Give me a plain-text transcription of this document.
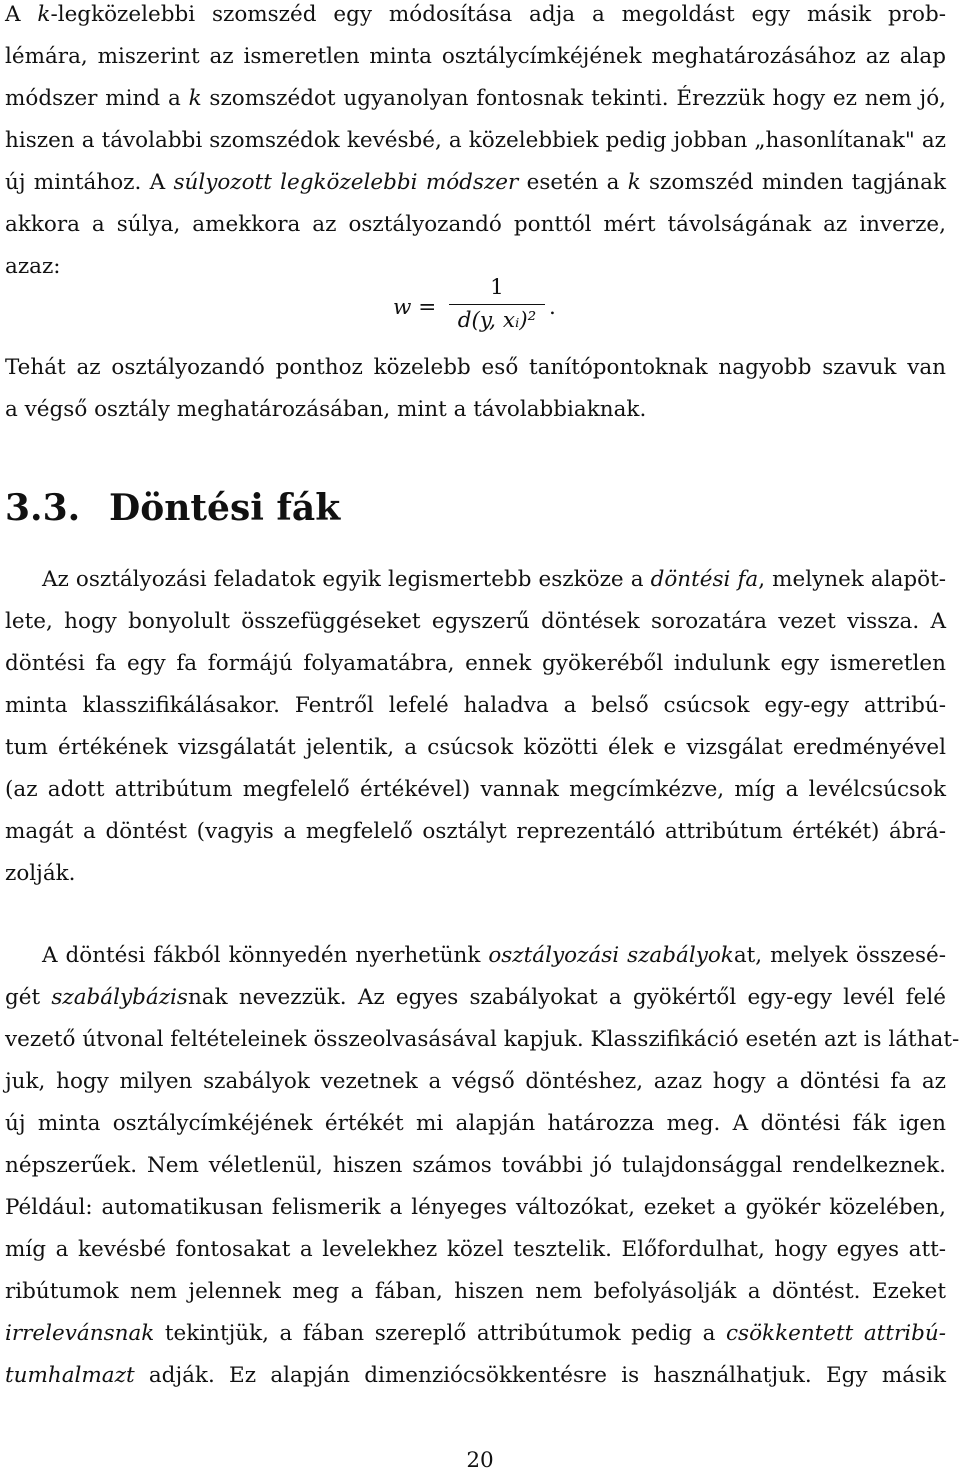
A k-legközelebbi szomszéd egy módosítása adja a megoldást egy másik prob-
lémára, miszerint az ismeretlen minta osztálycímkéjének meghatározásához az alap
módszer mind a k szomszédot ugyanolyan fontosnak tekinti. Érezzük hogy ez nem jó,
hiszen a távolabbi szomszédok kevésbé, a közelebbiek pedig jobban „hasonlítanak" az
új mintához. A súlyozott legközelebbi módszer esetén a k szomszéd minden tagjának
akkora a súlya, amekkora az osztályozandó ponttól mért távolságának az inverze,
azaz:
w =
1
d(y, xᵢ)²
.
Tehát az osztályozandó ponthoz közelebb eső tanítópontoknak nagyobb szavuk van
a végső osztály meghatározásában, mint a távolabbiaknak.
3.3. Döntési fák
Az osztályozási feladatok egyik legismertebb eszköze a döntési fa, melynek alapöt-
lete, hogy bonyolult összefüggéseket egyszerű döntések sorozatára vezet vissza. A
döntési fa egy fa formájú folyamatábra, ennek gyökeréből indulunk egy ismeretlen
minta klasszifikálásakor. Fentről lefelé haladva a belső csúcsok egy-egy attribú-
tum értékének vizsgálatát jelentik, a csúcsok közötti élek e vizsgálat eredményével
(az adott attribútum megfelelő értékével) vannak megcímkézve, míg a levélcsúcsok
magát a döntést (vagyis a megfelelő osztályt reprezentáló attribútum értékét) ábrá-
zolják.
A döntési fákból könnyedén nyerhetünk osztályozási szabályokat, melyek összesé-
gét szabálybázisnak nevezzük. Az egyes szabályokat a gyökértől egy-egy levél felé
vezető útvonal feltételeinek összeolvasásával kapjuk. Klasszifikáció esetén azt is láthat-
juk, hogy milyen szabályok vezetnek a végső döntéshez, azaz hogy a döntési fa az
új minta osztálycímkéjének értékét mi alapján határozza meg. A döntési fák igen
népszerűek. Nem véletlenül, hiszen számos további jó tulajdonsággal rendelkeznek.
Például: automatikusan felismerik a lényeges változókat, ezeket a gyökér közelében,
míg a kevésbé fontosakat a levelekhez közel tesztelik. Előfordulhat, hogy egyes att-
ribútumok nem jelennek meg a fában, hiszen nem befolyásolják a döntést. Ezeket
irrelevánsnak tekintjük, a fában szereplő attribútumok pedig a csökkentett attribú-
tumhalmazt adják. Ez alapján dimenziócsökkentésre is használhatjuk. Egy másik
20
